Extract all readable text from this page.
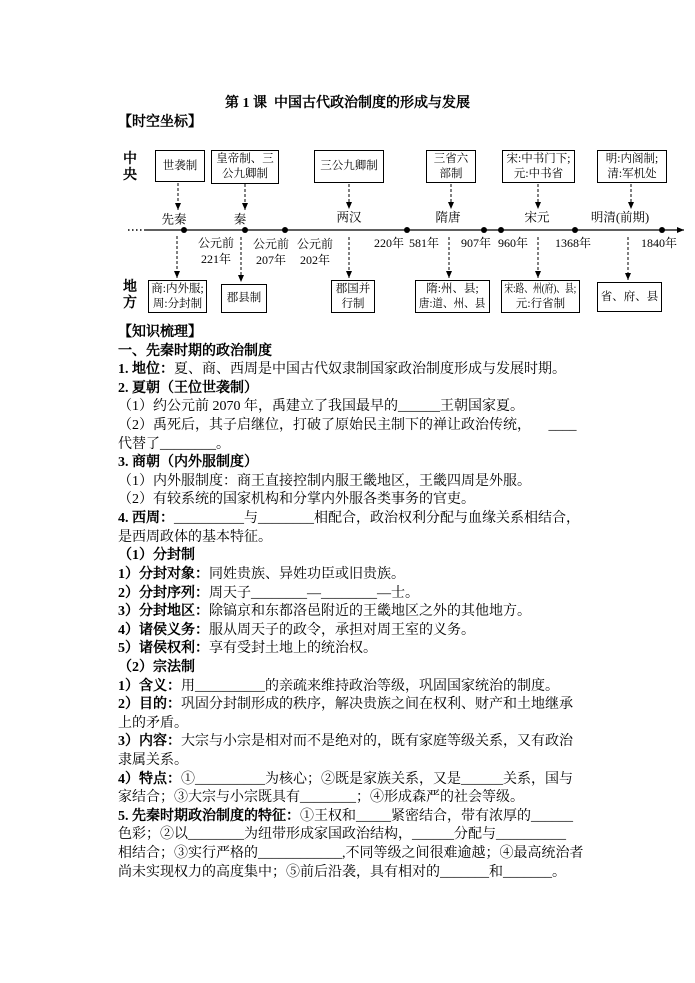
第 1 课  中国古代政治制度的形成与发展
【时空坐标】
中
央
地
方
世袭制
皇帝制、三
公九卿制
三公九卿制
三省六
部制
宋:中书门下;
元:中书省
明:内阁制;
清:军机处
先秦	秦	两汉	隋唐	宋元	明清(前期)
公元前
221年
公元前
207年
公元前
202年
220年 581年 907年 960年 1368年	1840年
商:内外服;
周:分封制 郡县制
郡国并
行制
隋:州、县;
唐:道、州、县
宋:路、州(府)、县;
元:行省制
省、府、县
【知识梳理】
一、先秦时期的政治制度
1. 地位：夏、商、西周是中国古代奴隶制国家政治制度形成与发展时期。
2. 夏朝（王位世袭制）
（1）约公元前 2070 年，禹建立了我国最早的______王朝国家夏。
（2）禹死后，其子启继位，打破了原始民主制下的禅让政治传统，     ____
代替了________。
3. 商朝（内外服制度）
（1）内外服制度：商王直接控制内服王畿地区，王畿四周是外服。
（2）有较系统的国家机构和分掌内外服各类事务的官吏。
4. 西周：__________与________相配合，政治权利分配与血缘关系相结合，
是西周政体的基本特征。
（1）分封制
1）分封对象：同姓贵族、异姓功臣或旧贵族。
2）分封序列：周天子________—________—士。
3）分封地区：除镐京和东都洛邑附近的王畿地区之外的其他地方。
4）诸侯义务：服从周天子的政令，承担对周王室的义务。
5）诸侯权利：享有受封土地上的统治权。
（2）宗法制
1）含义：用__________的亲疏来维持政治等级，巩固国家统治的制度。
2）目的：巩固分封制形成的秩序，解决贵族之间在权利、财产和土地继承
上的矛盾。
3）内容：大宗与小宗是相对而不是绝对的，既有家庭等级关系，又有政治
隶属关系。
4）特点：①__________为核心；②既是家族关系，又是______关系，国与
家结合；③大宗与小宗既具有________；④形成森严的社会等级。
5. 先秦时期政治制度的特征：①王权和_____紧密结合，带有浓厚的______
色彩；②以________为纽带形成家国政治结构，______分配与__________
相结合；③实行严格的____________,不同等级之间很难逾越；④最高统治者
尚未实现权力的高度集中；⑤前后沿袭，具有相对的_______和_______。
